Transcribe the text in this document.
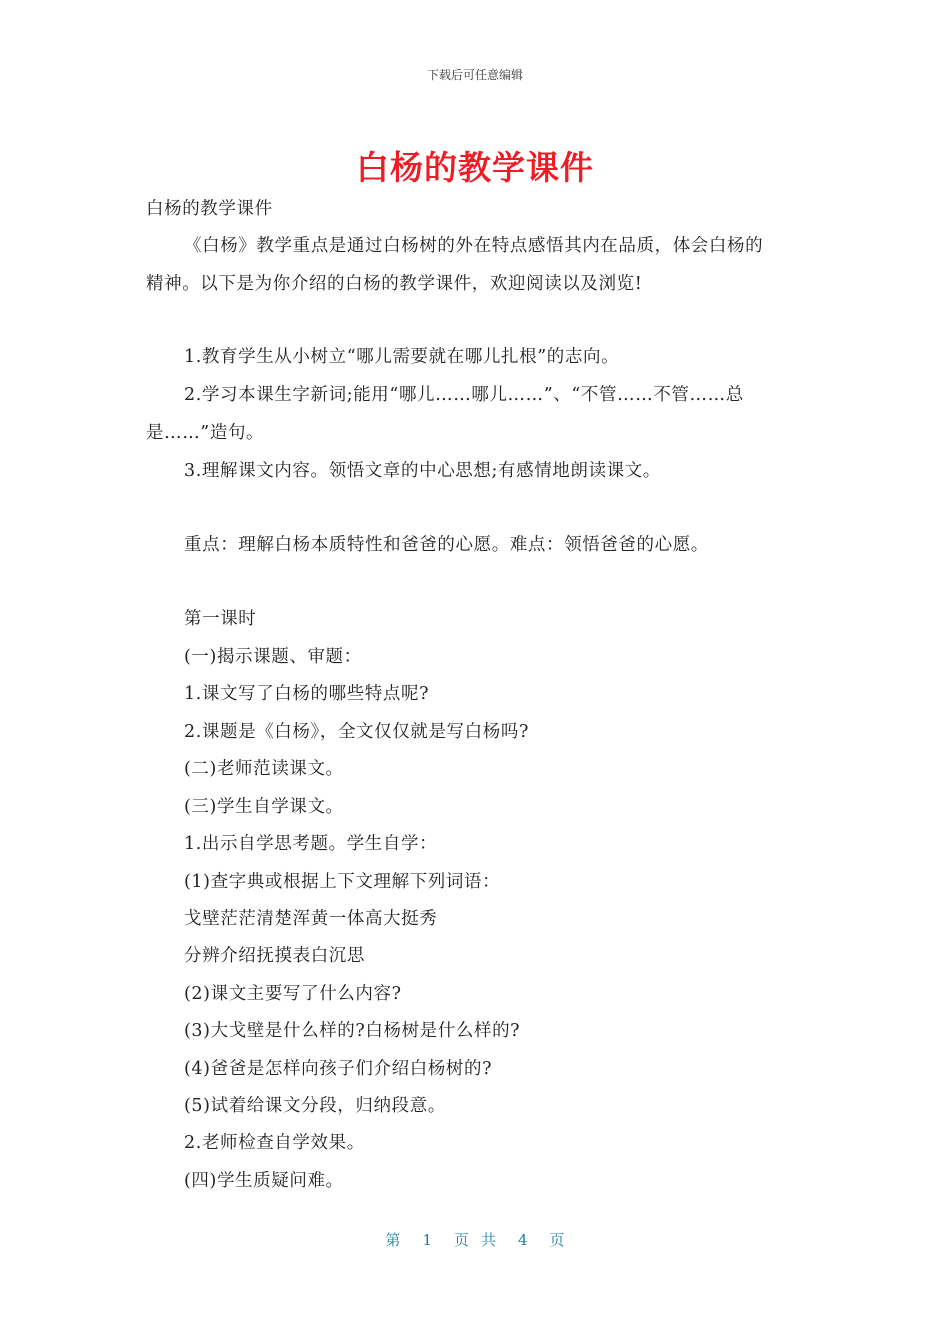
下载后可任意编辑
白杨的教学课件
白杨的教学课件
《白杨》教学重点是通过白杨树的外在特点感悟其内在品质，体会白杨的
精神。以下是为你介绍的白杨的教学课件，欢迎阅读以及浏览!
1.教育学生从小树立“哪儿需要就在哪儿扎根”的志向。
2.学习本课生字新词;能用“哪儿……哪儿……”、“不管……不管……总
是……”造句。
3.理解课文内容。领悟文章的中心思想;有感情地朗读课文。
重点：理解白杨本质特性和爸爸的心愿。难点：领悟爸爸的心愿。
第一课时
(一)揭示课题、审题：
1.课文写了白杨的哪些特点呢?
2.课题是《白杨》，全文仅仅就是写白杨吗?
(二)老师范读课文。
(三)学生自学课文。
1.出示自学思考题。学生自学：
(1)查字典或根据上下文理解下列词语：
戈壁茫茫清楚浑黄一体高大挺秀
分辨介绍抚摸表白沉思
(2)课文主要写了什么内容?
(3)大戈壁是什么样的?白杨树是什么样的?
(4)爸爸是怎样向孩子们介绍白杨树的?
(5)试着给课文分段，归纳段意。
2.老师检查自学效果。
(四)学生质疑问难。
第 1 页共 4 页
